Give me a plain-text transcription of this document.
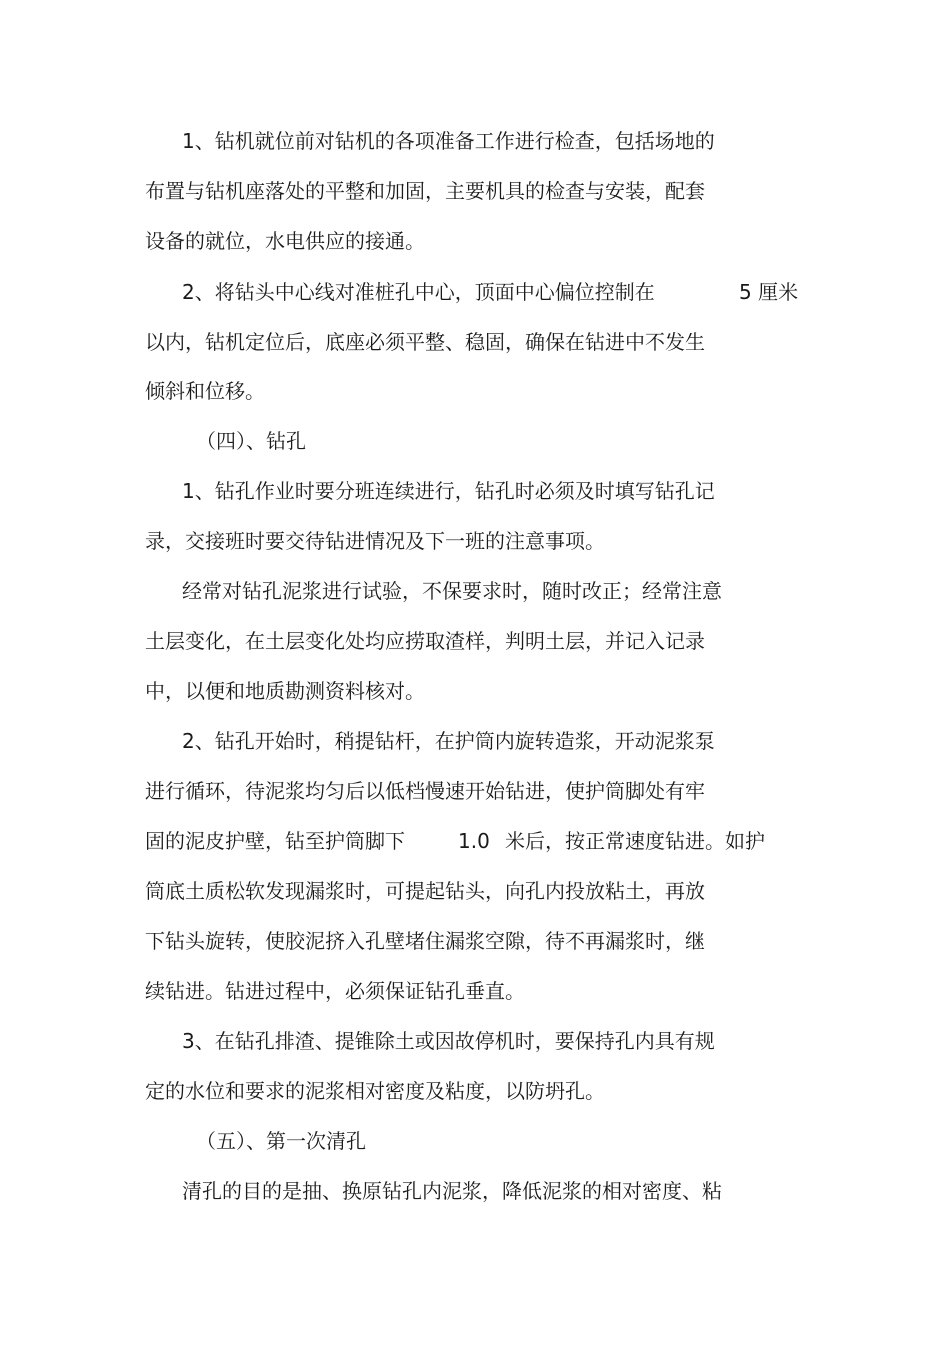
1、钻机就位前对钻机的各项准备工作进行检查，包括场地的
布置与钻机座落处的平整和加固，主要机具的检查与安装，配套
设备的就位，水电供应的接通。
2、将钻头中心线对准桩孔中心，顶面中心偏位控制在	5 厘米
以内，钻机定位后，底座必须平整、稳固，确保在钻进中不发生
倾斜和位移。
（四）、钻孔
1、钻孔作业时要分班连续进行，钻孔时必须及时填写钻孔记
录，交接班时要交待钻进情况及下一班的注意事项。
经常对钻孔泥浆进行试验，不保要求时，随时改正；经常注意
土层变化，在土层变化处均应捞取渣样，判明土层，并记入记录
中，以便和地质勘测资料核对。
2、钻孔开始时，稍提钻杆，在护筒内旋转造浆，开动泥浆泵
进行循环，待泥浆均匀后以低档慢速开始钻进，使护筒脚处有牢
固的泥皮护壁，钻至护筒脚下	1.0 米后，按正常速度钻进。如护
筒底土质松软发现漏浆时，可提起钻头，向孔内投放粘土，再放
下钻头旋转，使胶泥挤入孔壁堵住漏浆空隙，待不再漏浆时，继
续钻进。钻进过程中，必须保证钻孔垂直。
3、在钻孔排渣、提锥除土或因故停机时，要保持孔内具有规
定的水位和要求的泥浆相对密度及粘度，以防坍孔。
（五）、第一次清孔
清孔的目的是抽、换原钻孔内泥浆，降低泥浆的相对密度、粘
